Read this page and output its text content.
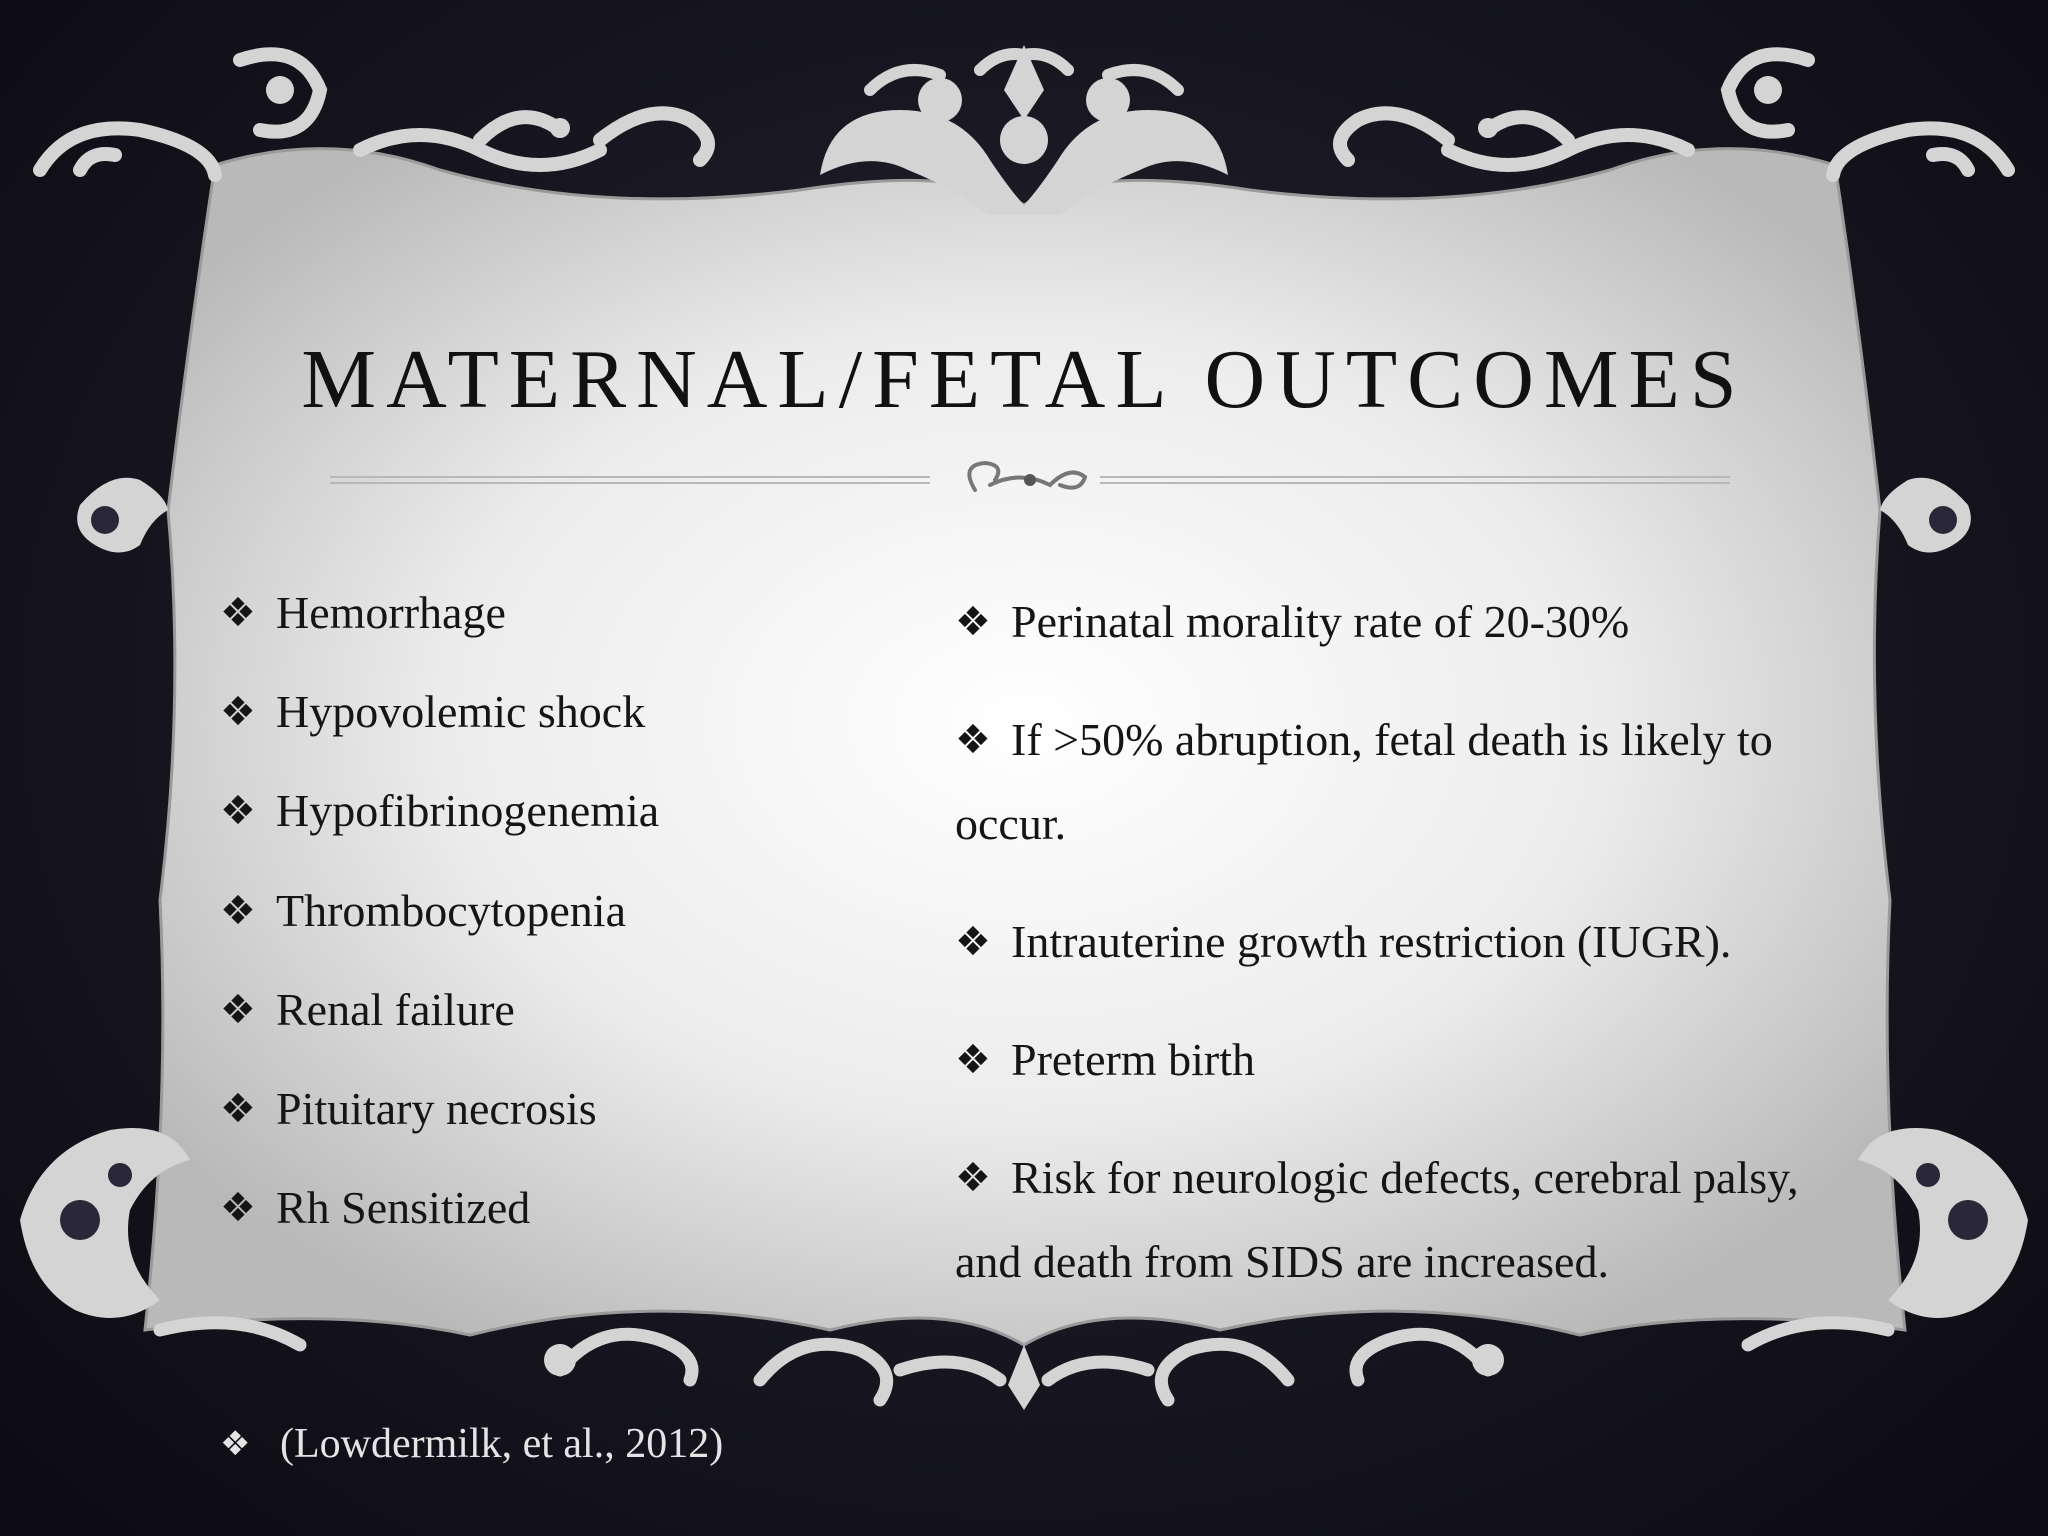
MATERNAL/FETAL OUTCOMES
❖ Hemorrhage
❖ Hypovolemic shock
❖ Hypofibrinogenemia
❖ Thrombocytopenia
❖ Renal failure
❖ Pituitary necrosis
❖ Rh Sensitized
❖ Perinatal morality rate of 20-30%
❖ If >50% abruption, fetal death is likely to occur.
❖ Intrauterine growth restriction (IUGR).
❖ Preterm birth
❖ Risk for neurologic defects, cerebral palsy, and death from SIDS are increased.
❖ (Lowdermilk, et al., 2012)
